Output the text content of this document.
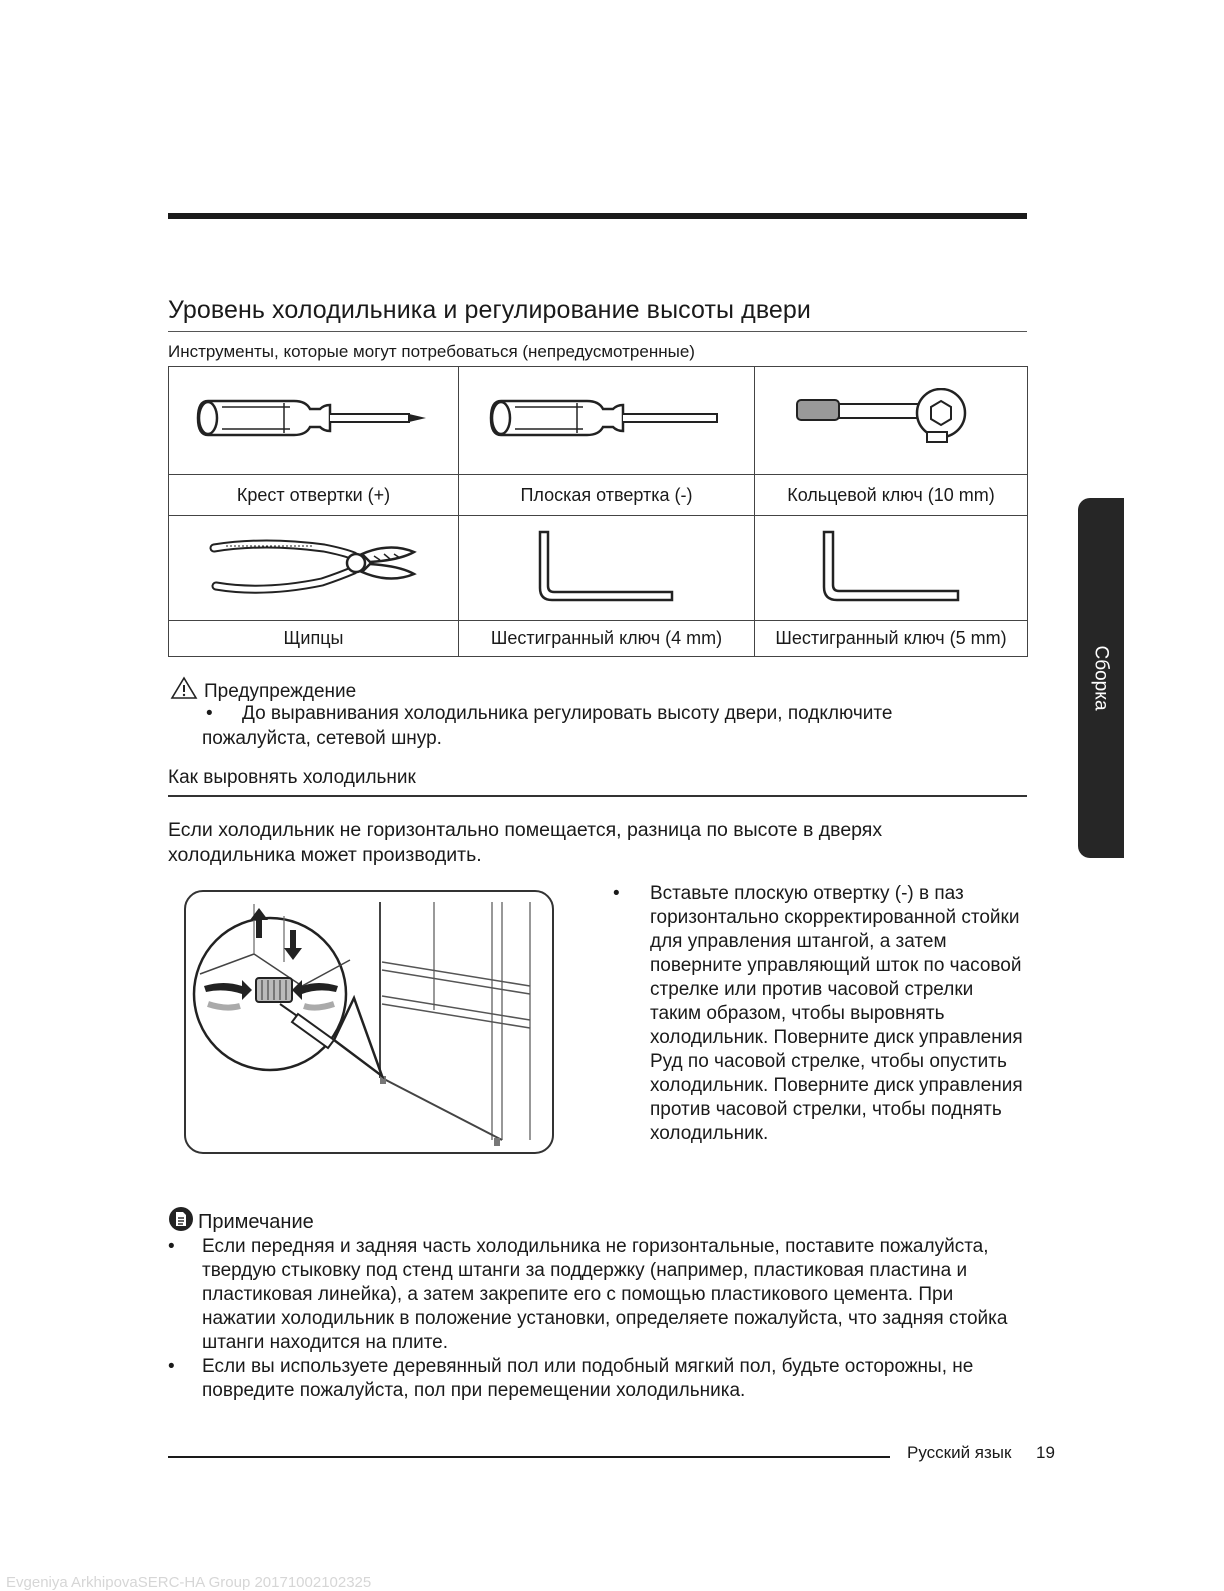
Уровень холодильника и регулирование высоты двери
Инструменты, которые могут потребоваться (непредусмотренные)

Крест отвертки (+)	Плоская отвертка (-)	Кольцевой ключ (10 mm)

Щипцы	Шестигранный ключ (4 mm)	Шестигранный ключ (5 mm)
Предупреждение
• До выравнивания холодильника регулировать высоту двери, подключите
пожалуйста, сетевой шнур.
Как выровнять холодильник
Если холодильник не горизонтально помещается, разница по высоте в дверях холодильника может производить.
• Вставьте плоскую отвертку (-) в паз горизонтально скорректированной стойки для управления штангой, а затем поверните управляющий шток по часовой стрелке или против часовой стрелки таким образом, чтобы выровнять холодильник. Поверните диск управления Руд по часовой стрелке, чтобы опустить холодильник. Поверните диск управления против часовой стрелки, чтобы поднять холодильник.
Примечание
• Если передняя и задняя часть холодильника не горизонтальные, поставите пожалуйста, твердую стыковку под стенд штанги за поддержку (например, пластиковая пластина и пластиковая линейка), а затем закрепите его с помощью пластикового цемента. При нажатии холодильник в положение установки, определяете пожалуйста, что задняя стойка штанги находится на плите.
• Если вы используете деревянный пол или подобный мягкий пол, будьте осторожны, не повредите пожалуйста, пол при перемещении холодильника.
Русский язык 19
Сборка
Evgeniya ArkhipovaSERC-HA Group 20171002102325
